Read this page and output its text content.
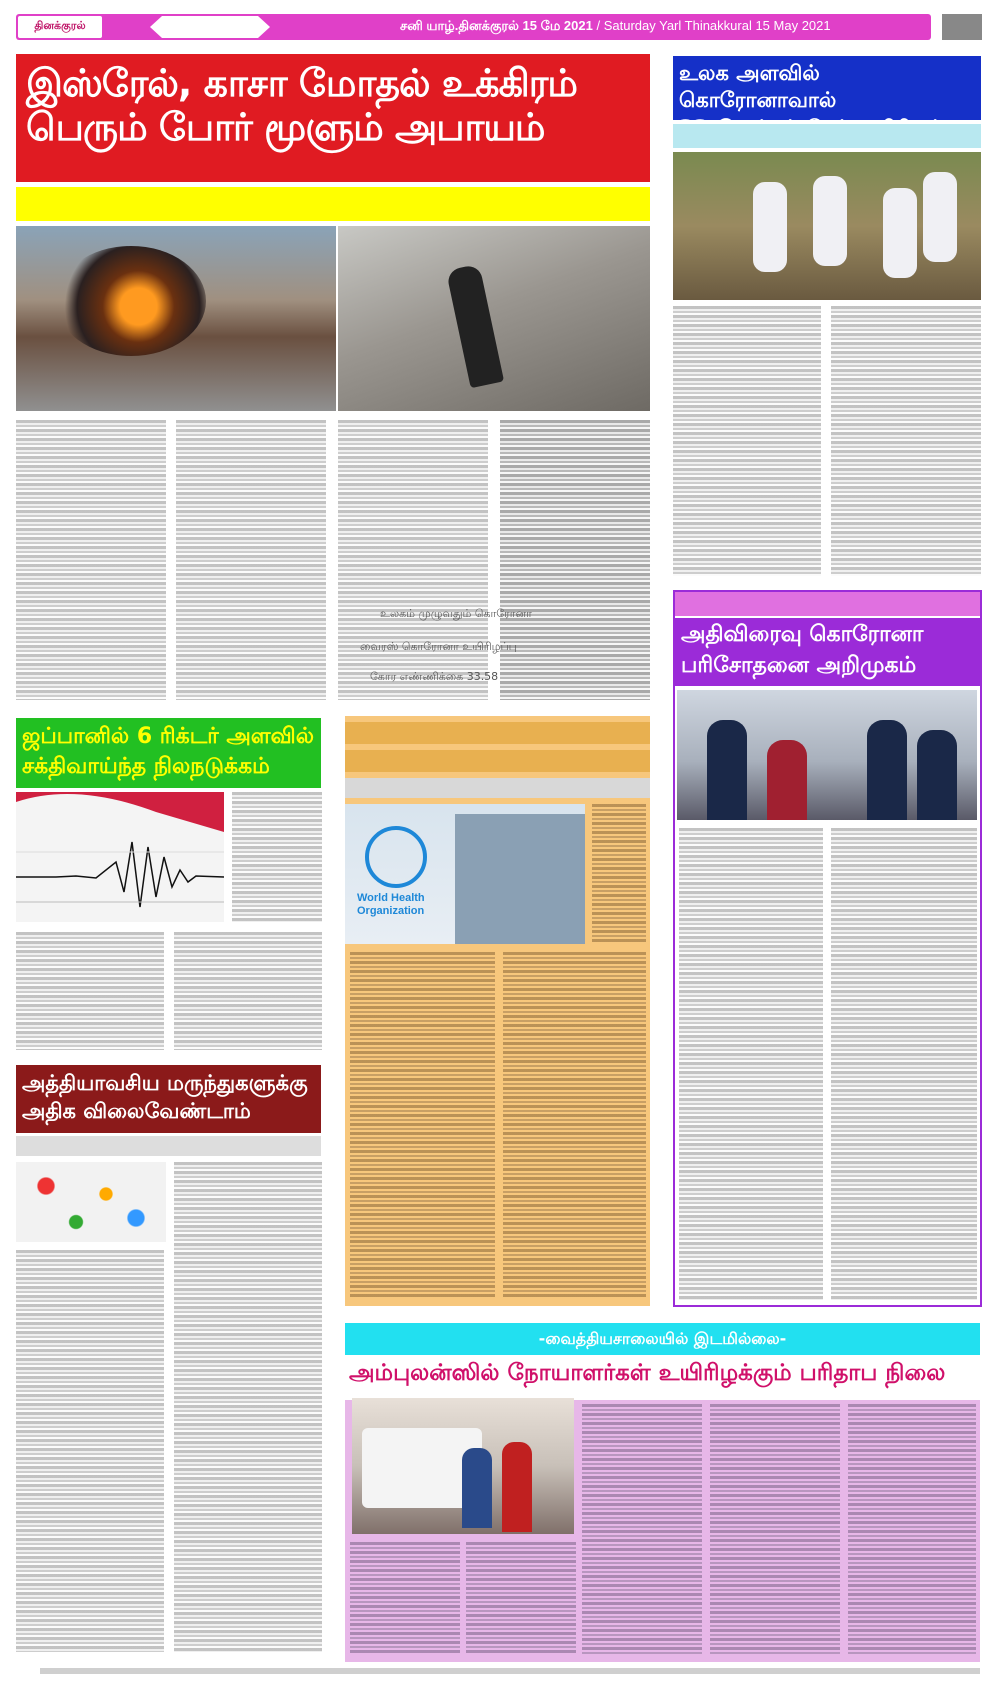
தினக்குரல்	சனி யாழ்.தினக்குரல் 15 மே 2021 / Saturday Yarl Thinakkural 15 May 2021
இஸ்ரேல், காசா மோதல் உக்கிரம்
பெரும் போர் மூளும் அபாயம்
உலக அளவில் கொரோனாவால்
ஜப்பானில் 6 ரிக்டர் அளவில்
சக்திவாய்ந்த நிலநடுக்கம்
World Health
Organization
உலகம் முழுவதும் கொரோனா
வைரஸ் கொரோனா உயிரிழப்பு
கோர எண்ணிக்கை 33.58
அதிவிரைவு கொரோனா
பரிசோதனை அறிமுகம்
அத்தியாவசிய மருந்துகளுக்கு
அதிக விலைவேண்டாம்
-வைத்தியசாலையில் இடமில்லை-
அம்புலன்ஸில் நோயாளர்கள் உயிரிழக்கும் பரிதாப நிலை
